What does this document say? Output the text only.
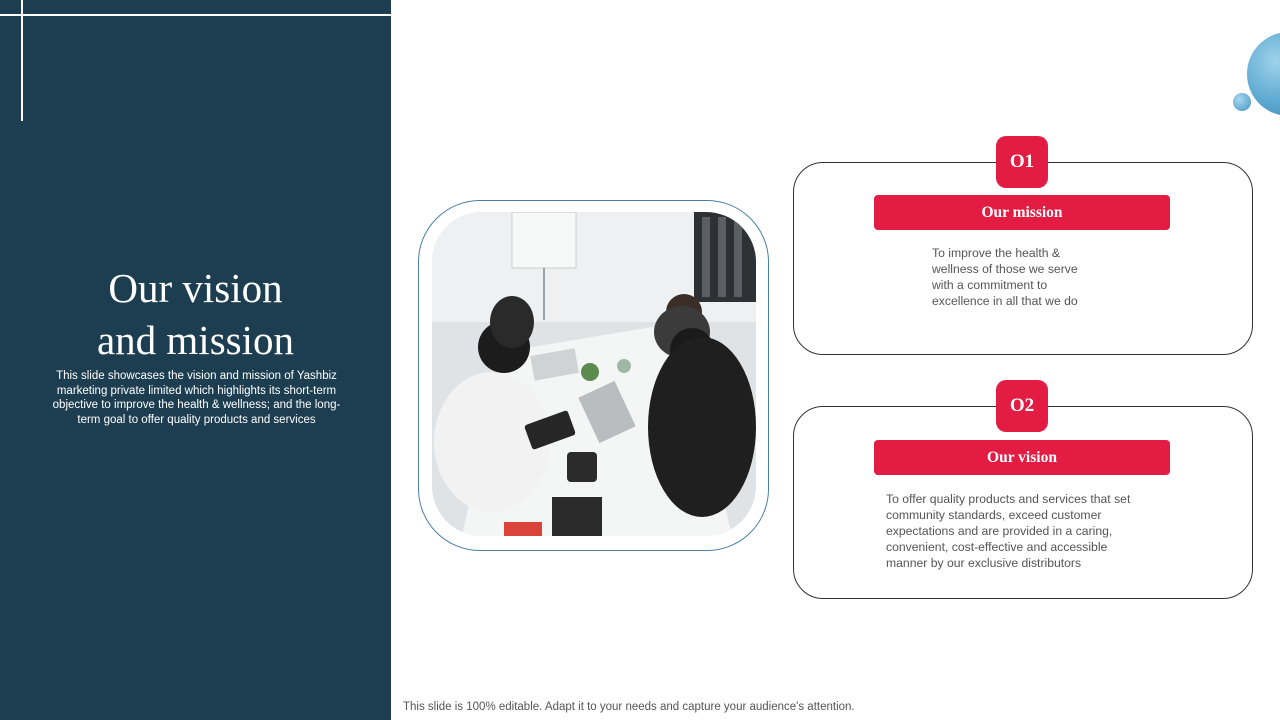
Our vision
and mission

This slide showcases the vision and mission of Yashbiz marketing private limited which highlights its short-term objective to improve the health & wellness; and the long-term goal to offer quality products and services

O1
Our mission
To improve the health &
wellness of those we serve
with a commitment to
excellence in all that we do
O2
Our vision
To offer quality products and services that set
community standards, exceed customer
expectations and are provided in a caring,
convenient, cost-effective and accessible
manner by our exclusive distributors
This slide is 100% editable. Adapt it to your needs and capture your audience's attention.
